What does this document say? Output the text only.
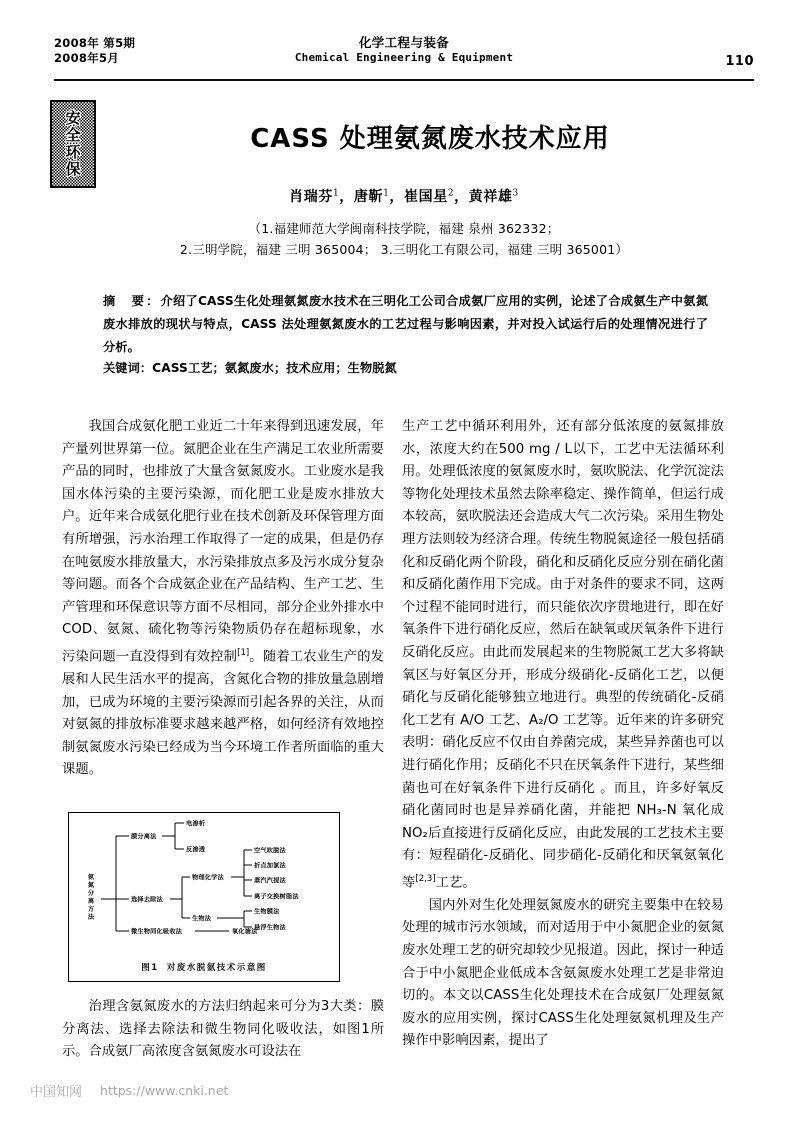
2008年 第5期
2008年5月
化学工程与装备
Chemical Engineering & Equipment	110
安全环保	CASS 处理氨氮废水技术应用
肖瑞芬$^1$，唐靳$^1$，崔国星$^2$，黄祥雄$^3$
（1.福建师范大学闽南科技学院，福建 泉州 362332；
2.三明学院，福建 三明 365004； 3.三明化工有限公司，福建 三明 365001）
摘　要：介绍了CASS生化处理氨氮废水技术在三明化工公司合成氨厂应用的实例，论述了合成氨生产中氨氮废水排放的现状与特点，CASS 法处理氨氮废水的工艺过程与影响因素，并对投入试运行后的处理情况进行了分析。
关键词：CASS工艺；氨氮废水；技术应用；生物脱氮

我国合成氨化肥工业近二十年来得到迅速发展，年产量列世界第一位。氮肥企业在生产满足工农业所需要产品的同时，也排放了大量含氨氮废水。工业废水是我国水体污染的主要污染源，而化肥工业是废水排放大户。近年来合成氨化肥行业在技术创新及环保管理方面有所增强，污水治理工作取得了一定的成果，但是仍存在吨氨废水排放量大，水污染排放点多及污水成分复杂等问题。而各个合成氨企业在产品结构、生产工艺、生产管理和环保意识等方面不尽相同，部分企业外排水中COD、氨氮、硫化物等污染物质仍存在超标现象，水污染问题一直没得到有效控制[1]。随着工农业生产的发展和人民生活水平的提高，含氮化合物的排放量急剧增加，已成为环境的主要污染源而引起各界的关注，从而对氨氮的排放标准要求越来越严格，如何经济有效地控制氨氮废水污染已经成为当今环境工作者所面临的重大课题。

氨
氮
分
离
方
法
膜分离法
电渗析
反渗透
选择去除法
物理化学法
空气吹脱法
折点加氯法
蒸汽汽提法
离子交换树脂法
生物法
生物膜法
悬浮生物法
微生物同化吸收法	氧化塘法
图1 对废水脱氨技术示意图

治理含氨氮废水的方法归纳起来可分为3大类：膜分离法、选择去除法和微生物同化吸收法，如图1所示。合成氨厂高浓度含氨氮废水可设法在

生产工艺中循环利用外，还有部分低浓度的氨氮排放水，浓度大约在500 mg / L以下，工艺中无法循环利用。处理低浓度的氨氮废水时，氨吹脱法、化学沉淀法等物化处理技术虽然去除率稳定、操作简单，但运行成本较高，氨吹脱法还会造成大气二次污染。采用生物处理方法则较为经济合理。传统生物脱氮途径一般包括硝化和反硝化两个阶段，硝化和反硝化反应分别在硝化菌和反硝化菌作用下完成。由于对条件的要求不同，这两个过程不能同时进行，而只能依次序贯地进行，即在好氧条件下进行硝化反应，然后在缺氧或厌氧条件下进行反硝化反应。由此而发展起来的生物脱氮工艺大多将缺氧区与好氧区分开，形成分级硝化-反硝化工艺，以便硝化与反硝化能够独立地进行。典型的传统硝化-反硝化工艺有 A/O 工艺、A₂/O 工艺等。近年来的许多研究表明：硝化反应不仅由自养菌完成，某些异养菌也可以进行硝化作用；反硝化不只在厌氧条件下进行，某些细菌也可在好氧条件下进行反硝化 。而且，许多好氧反硝化菌同时也是异养硝化菌，并能把 NH₃-N 氧化成 NO₂后直接进行反硝化反应，由此发展的工艺技术主要有：短程硝化-反硝化、同步硝化-反硝化和厌氧氨氧化等[2,3]工艺。

国内外对生化处理氨氮废水的研究主要集中在较易处理的城市污水领域，而对适用于中小氮肥企业的氨氮废水处理工艺的研究却较少见报道。因此，探讨一种适合于中小氮肥企业低成本含氨氮废水处理工艺是非常迫切的。本文以CASS生化处理技术在合成氨厂处理氨氮废水的应用实例，探讨CASS生化处理氨氮机理及生产操作中影响因素，提出了

中国知网 https://www.cnki.net
